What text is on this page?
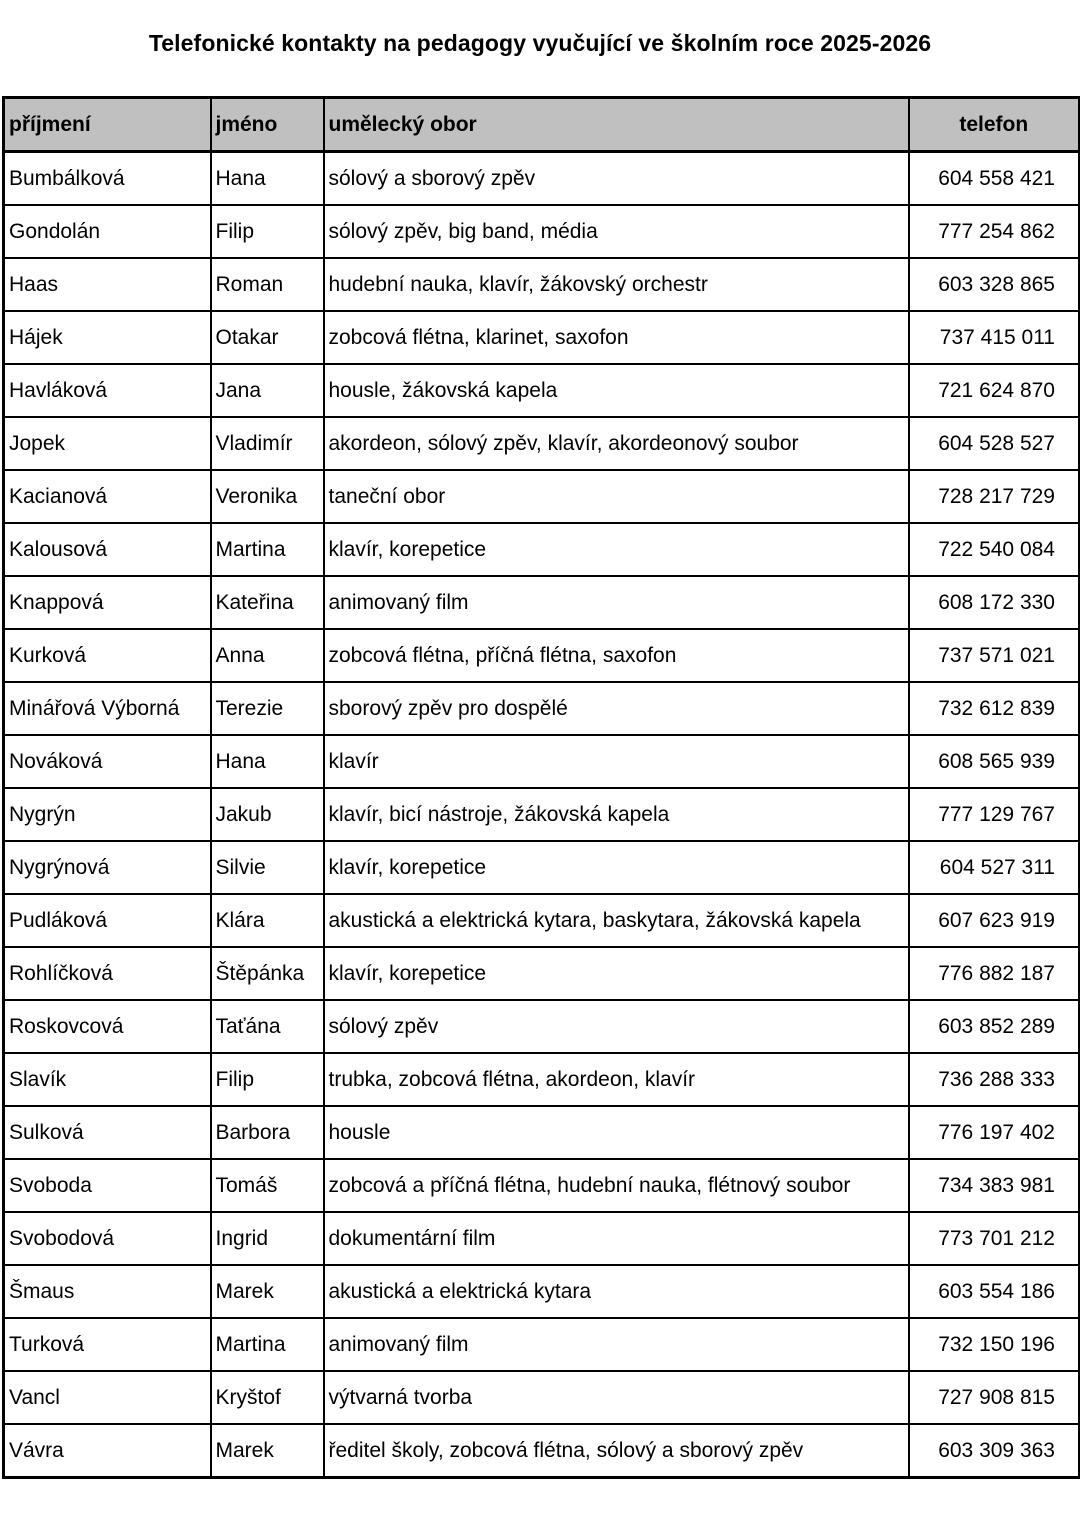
Telefonické kontakty na pedagogy vyučující ve školním roce 2025-2026
příjmení	jméno	umělecký obor	telefon
Bumbálková	Hana	sólový a sborový zpěv	604 558 421
Gondolán	Filip	sólový zpěv, big band, média	777 254 862
Haas	Roman	hudební nauka, klavír, žákovský orchestr	603 328 865
Hájek	Otakar	zobcová flétna, klarinet, saxofon	737 415 011
Havláková	Jana	housle, žákovská kapela	721 624 870
Jopek	Vladimír	akordeon, sólový zpěv, klavír, akordeonový soubor	604 528 527
Kacianová	Veronika	taneční obor	728 217 729
Kalousová	Martina	klavír, korepetice	722 540 084
Knappová	Kateřina	animovaný film	608 172 330
Kurková	Anna	zobcová flétna, příčná flétna, saxofon	737 571 021
Minářová Výborná	Terezie	sborový zpěv pro dospělé	732 612 839
Nováková	Hana	klavír	608 565 939
Nygrýn	Jakub	klavír, bicí nástroje, žákovská kapela	777 129 767
Nygrýnová	Silvie	klavír, korepetice	604 527 311
Pudláková	Klára	akustická a elektrická kytara, baskytara, žákovská kapela	607 623 919
Rohlíčková	Štěpánka	klavír, korepetice	776 882 187
Roskovcová	Taťána	sólový zpěv	603 852 289
Slavík	Filip	trubka, zobcová flétna, akordeon, klavír	736 288 333
Sulková	Barbora	housle	776 197 402
Svoboda	Tomáš	zobcová a příčná flétna, hudební nauka, flétnový soubor	734 383 981
Svobodová	Ingrid	dokumentární film	773 701 212
Šmaus	Marek	akustická a elektrická kytara	603 554 186
Turková	Martina	animovaný film	732 150 196
Vancl	Kryštof	výtvarná tvorba	727 908 815
Vávra	Marek	ředitel školy, zobcová flétna, sólový a sborový zpěv	603 309 363
